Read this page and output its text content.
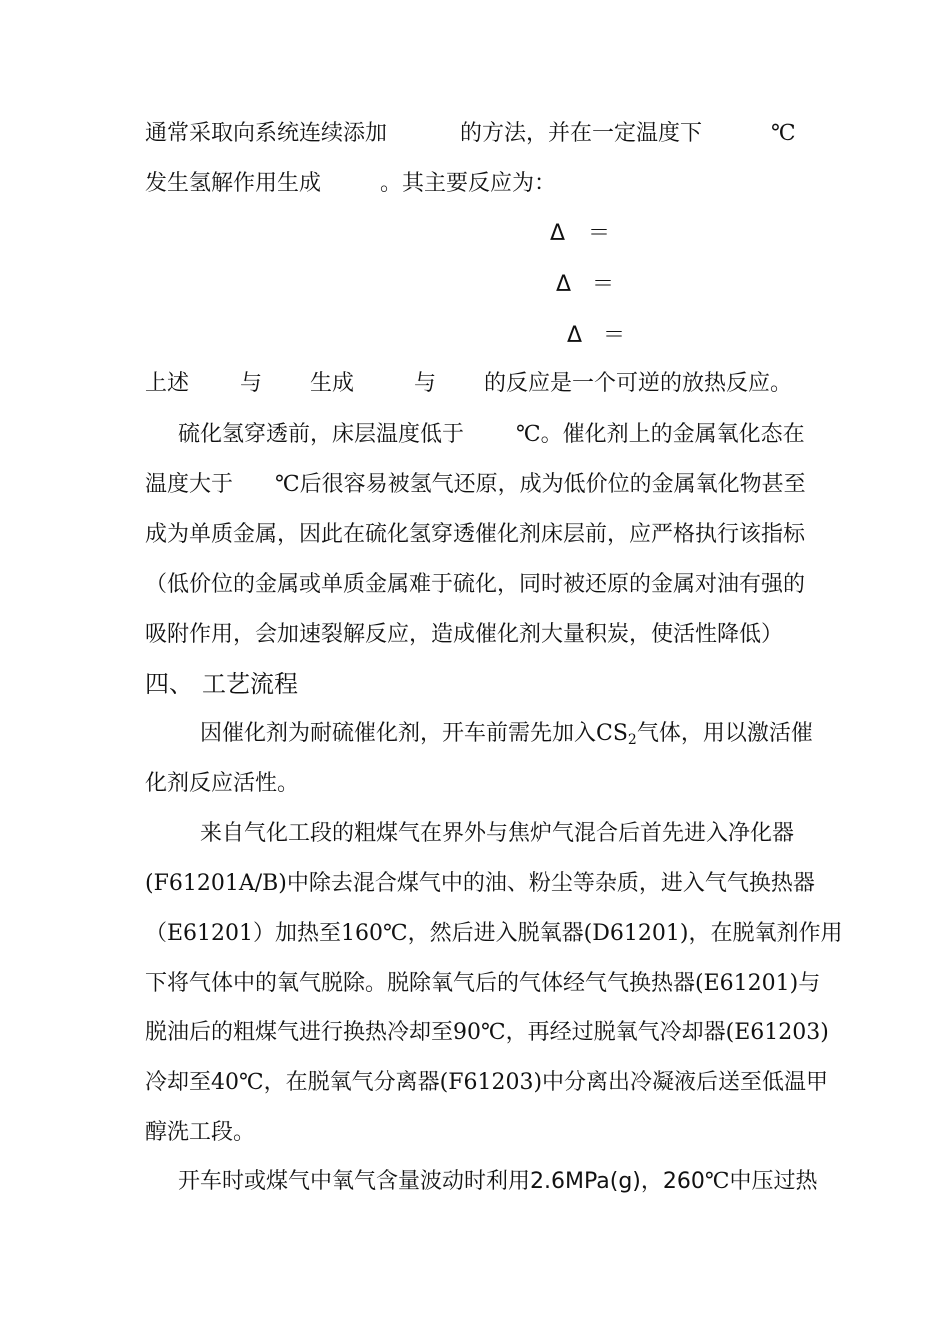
通常采取向系统连续添加	的方法，并在一定温度下	℃
发生氢解作用生成	。其主要反应为：
Δ ＝
Δ ＝
Δ ＝
上述 与 生成	与 的反应是一个可逆的放热反应。
硫化氢穿透前，床层温度低于 ℃。催化剂上的金属氧化态在
温度大于 ℃后很容易被氢气还原，成为低价位的金属氧化物甚至
成为单质金属，因此在硫化氢穿透催化剂床层前，应严格执行该指标
（低价位的金属或单质金属难于硫化，同时被还原的金属对油有强的
吸附作用，会加速裂解反应，造成催化剂大量积炭，使活性降低）
四、 工艺流程
因催化剂为耐硫催化剂，开车前需先加入$CS_2$气体，用以激活催
化剂反应活性。
来自气化工段的粗煤气在界外与焦炉气混合后首先进入净化器
(F61201A/B)中除去混合煤气中的油、粉尘等杂质，进入气气换热器
（E61201）加热至160℃，然后进入脱氧器(D61201)，在脱氧剂作用
下将气体中的氧气脱除。脱除氧气后的气体经气气换热器(E61201)与
脱油后的粗煤气进行换热冷却至90℃，再经过脱氧气冷却器(E61203)
冷却至40℃，在脱氧气分离器(F61203)中分离出冷凝液后送至低温甲
醇洗工段。
开车时或煤气中氧气含量波动时利用2.6MPa(g)，260℃中压过热
